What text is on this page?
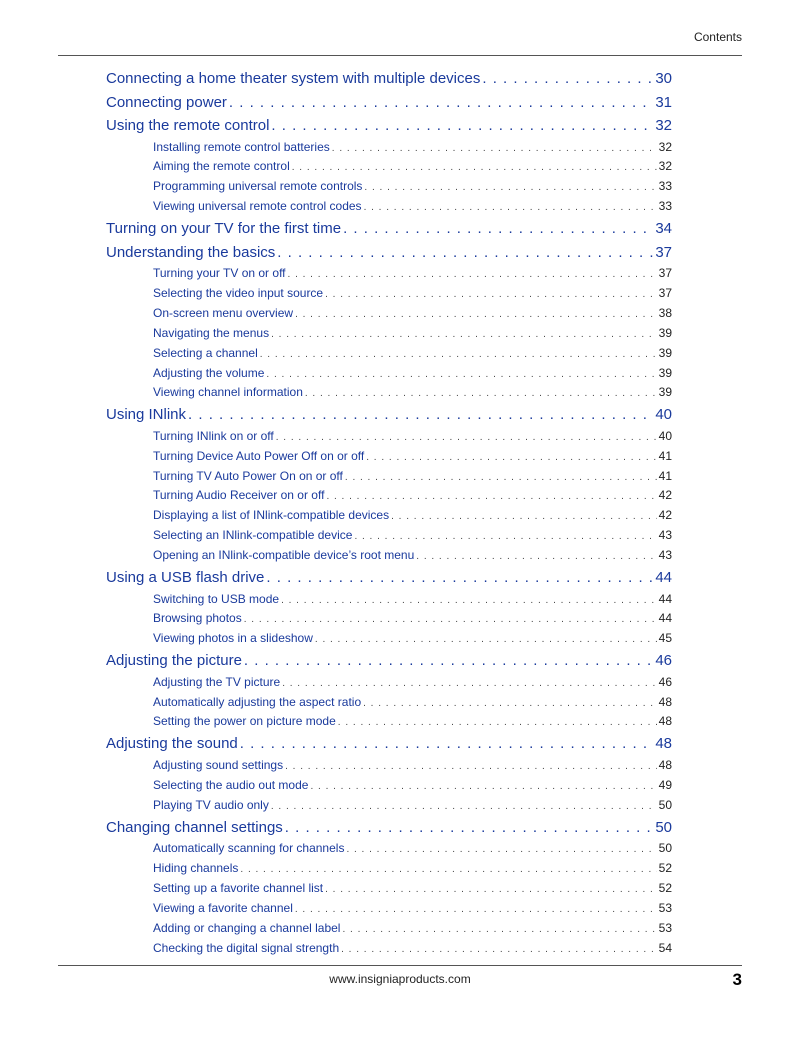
Contents
Connecting a home theater system with multiple devices . . .	30
Connecting power . . .	31
Using the remote control . . .	32
Installing remote control batteries . . .	32
Aiming the remote control . . .	32
Programming universal remote controls . . .	33
Viewing universal remote control codes . . .	33
Turning on your TV for the first time . . .	34
Understanding the basics . . .	37
Turning your TV on or off . . .	37
Selecting the video input source . . .	37
On-screen menu overview . . .	38
Navigating the menus . . .	39
Selecting a channel . . .	39
Adjusting the volume . . .	39
Viewing channel information . . .	39
Using INlink . . .	40
Turning INlink on or off . . .	40
Turning Device Auto Power Off on or off . . .	41
Turning TV Auto Power On on or off . . .	41
Turning Audio Receiver on or off . . .	42
Displaying a list of INlink-compatible devices . . .	42
Selecting an INlink-compatible device . . .	43
Opening an INlink-compatible device’s root menu . . .	43
Using a USB flash drive . . .	44
Switching to USB mode . . .	44
Browsing photos . . .	44
Viewing photos in a slideshow . . .	45
Adjusting the picture . . .	46
Adjusting the TV picture . . .	46
Automatically adjusting the aspect ratio . . .	48
Setting the power on picture mode . . .	48
Adjusting the sound . . .	48
Adjusting sound settings . . .	48
Selecting the audio out mode . . .	49
Playing TV audio only . . .	50
Changing channel settings . . .	50
Automatically scanning for channels . . .	50
Hiding channels . . .	52
Setting up a favorite channel list . . .	52
Viewing a favorite channel . . .	53
Adding or changing a channel label . . .	53
Checking the digital signal strength . . .	54
www.insigniaproducts.com	3
